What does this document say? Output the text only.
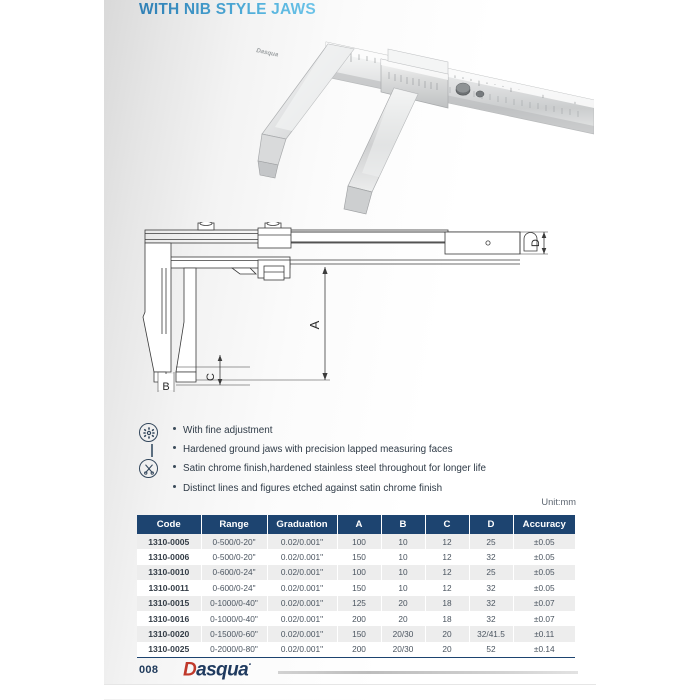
WITH NIB STYLE JAWS
Dasqua
A
C
B
D
With fine adjustment
Hardened ground jaws with precision lapped measuring faces
Satin chrome finish,hardened stainless steel throughout for longer life
Distinct lines and figures etched against satin chrome finish
Unit:mm
Code	Range	Graduation	A	B	C	D	Accuracy
1310-0005	0-500/0-20"	0.02/0.001"	100	10	12	25	±0.05
1310-0006	0-500/0-20"	0.02/0.001"	150	10	12	32	±0.05
1310-0010	0-600/0-24"	0.02/0.001"	100	10	12	25	±0.05
1310-0011	0-600/0-24"	0.02/0.001"	150	10	12	32	±0.05
1310-0015	0-1000/0-40"	0.02/0.001"	125	20	18	32	±0.07
1310-0016	0-1000/0-40"	0.02/0.001"	200	20	18	32	±0.07
1310-0020	0-1500/0-60"	0.02/0.001"	150	20/30	20	32/41.5	±0.11
1310-0025	0-2000/0-80"	0.02/0.001"	200	20/30	20	52	±0.14
008 Dasqua·
